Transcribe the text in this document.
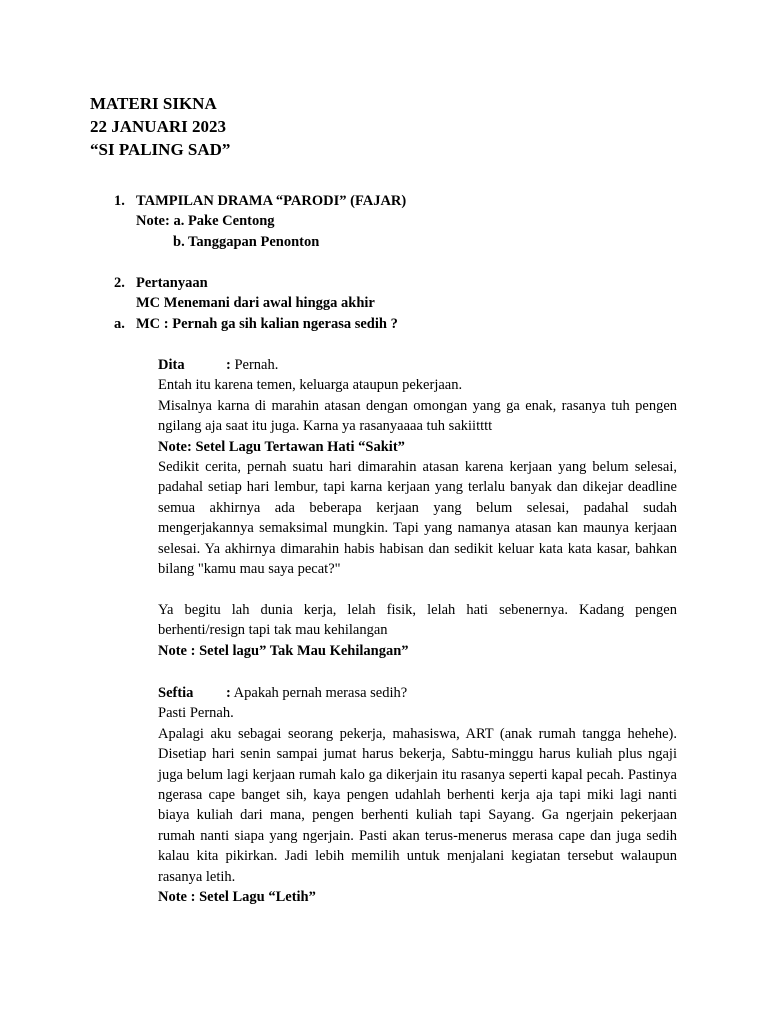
MATERI SIKNA

22 JANUARI 2023

“SI PALING SAD”

1. TAMPILAN DRAMA “PARODI” (FAJAR)

Note: a. Pake Centong

b. Tanggapan Penonton

2. Pertanyaan

MC Menemani dari awal hingga akhir

a. MC : Pernah ga sih kalian ngerasa sedih ?

Dita	: Pernah.

Entah itu karena temen, keluarga ataupun pekerjaan.

Misalnya karna di marahin atasan dengan omongan yang ga enak, rasanya tuh pengen ngilang aja saat itu juga. Karna ya rasanyaaaa tuh sakiitttt

Note: Setel Lagu Tertawan Hati “Sakit”

Sedikit cerita, pernah suatu hari dimarahin atasan karena kerjaan yang belum selesai, padahal setiap hari lembur, tapi karna kerjaan yang terlalu banyak dan dikejar deadline semua akhirnya ada beberapa kerjaan yang belum selesai, padahal sudah mengerjakannya semaksimal mungkin. Tapi yang namanya atasan kan maunya kerjaan selesai. Ya akhirnya dimarahin habis habisan dan sedikit keluar kata kata kasar, bahkan bilang "kamu mau saya pecat?"

Ya begitu lah dunia kerja, lelah fisik, lelah hati sebenernya. Kadang pengen berhenti/resign tapi tak mau kehilangan

Note : Setel lagu” Tak Mau Kehilangan”

Seftia : Apakah pernah merasa sedih?

Pasti Pernah.

Apalagi aku sebagai seorang pekerja, mahasiswa, ART (anak rumah tangga hehehe). Disetiap hari senin sampai jumat harus bekerja, Sabtu-minggu harus kuliah plus ngaji juga belum lagi kerjaan rumah kalo ga dikerjain itu rasanya seperti kapal pecah. Pastinya ngerasa cape banget sih, kaya pengen udahlah berhenti kerja aja tapi miki lagi nanti biaya kuliah dari mana, pengen berhenti kuliah tapi Sayang. Ga ngerjain pekerjaan rumah nanti siapa yang ngerjain. Pasti akan terus-menerus merasa cape dan juga sedih kalau kita pikirkan. Jadi lebih memilih untuk menjalani kegiatan tersebut walaupun rasanya letih.

Note : Setel Lagu “Letih”
